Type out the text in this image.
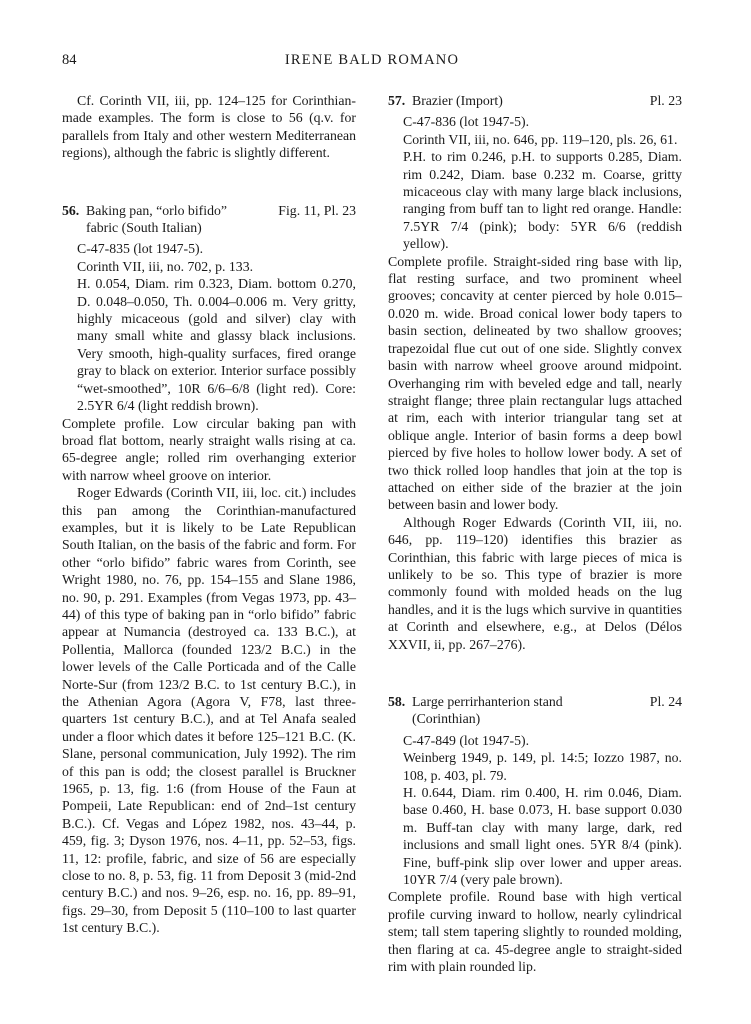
84	IRENE BALD ROMANO

Cf. Corinth VII, iii, pp. 124–125 for Corinthian-made examples. The form is close to 56 (q.v. for parallels from Italy and other western Mediterranean regions), although the fabric is slightly different.

56. Baking pan, “orlo bifido”
fabric (South Italian)
Fig. 11, Pl. 23

C-47-835 (lot 1947-5).

Corinth VII, iii, no. 702, p. 133.

H. 0.054, Diam. rim 0.323, Diam. bottom 0.270, D. 0.048–0.050, Th. 0.004–0.006 m. Very gritty, highly micaceous (gold and silver) clay with many small white and glassy black inclusions. Very smooth, high-quality surfaces, fired orange gray to black on exterior. Interior surface possibly “wet-smoothed”, 10R 6/6–6/8 (light red). Core: 2.5YR 6/4 (light reddish brown).

Complete profile. Low circular baking pan with broad flat bottom, nearly straight walls rising at ca. 65-degree angle; rolled rim overhanging exterior with narrow wheel groove on interior.

Roger Edwards (Corinth VII, iii, loc. cit.) includes this pan among the Corinthian-manufactured examples, but it is likely to be Late Republican South Italian, on the basis of the fabric and form. For other “orlo bifido” fabric wares from Corinth, see Wright 1980, no. 76, pp. 154–155 and Slane 1986, no. 90, p. 291. Examples (from Vegas 1973, pp. 43–44) of this type of baking pan in “orlo bifido” fabric appear at Numancia (destroyed ca. 133 B.C.), at Pollentia, Mallorca (founded 123/2 B.C.) in the lower levels of the Calle Porticada and of the Calle Norte-Sur (from 123/2 B.C. to 1st century B.C.), in the Athenian Agora (Agora V, F78, last three-quarters 1st century B.C.), and at Tel Anafa sealed under a floor which dates it before 125–121 B.C. (K. Slane, personal communication, July 1992). The rim of this pan is odd; the closest parallel is Bruckner 1965, p. 13, fig. 1:6 (from House of the Faun at Pompeii, Late Republican: end of 2nd–1st century B.C.). Cf. Vegas and López 1982, nos. 43–44, p. 459, fig. 3; Dyson 1976, nos. 4–11, pp. 52–53, figs. 11, 12: profile, fabric, and size of 56 are especially close to no. 8, p. 53, fig. 11 from Deposit 3 (mid-2nd century B.C.) and nos. 9–26, esp. no. 16, pp. 89–91, figs. 29–30, from Deposit 5 (110–100 to last quarter 1st century B.C.).

57. Brazier (Import)	Pl. 23

C-47-836 (lot 1947-5).

Corinth VII, iii, no. 646, pp. 119–120, pls. 26, 61.

P.H. to rim 0.246, p.H. to supports 0.285, Diam. rim 0.242, Diam. base 0.232 m. Coarse, gritty micaceous clay with many large black inclusions, ranging from buff tan to light red orange. Handle: 7.5YR 7/4 (pink); body: 5YR 6/6 (reddish yellow).

Complete profile. Straight-sided ring base with lip, flat resting surface, and two prominent wheel grooves; concavity at center pierced by hole 0.015–0.020 m. wide. Broad conical lower body tapers to basin section, delineated by two shallow grooves; trapezoidal flue cut out of one side. Slightly convex basin with narrow wheel groove around midpoint. Overhanging rim with beveled edge and tall, nearly straight flange; three plain rectangular lugs attached at rim, each with interior triangular tang set at oblique angle. Interior of basin forms a deep bowl pierced by five holes to hollow lower body. A set of two thick rolled loop handles that join at the top is attached on either side of the brazier at the join between basin and lower body.

Although Roger Edwards (Corinth VII, iii, no. 646, pp. 119–120) identifies this brazier as Corinthian, this fabric with large pieces of mica is unlikely to be so. This type of brazier is more commonly found with molded heads on the lug handles, and it is the lugs which survive in quantities at Corinth and elsewhere, e.g., at Delos (Délos XXVII, ii, pp. 267–276).

58. Large perrirhanterion stand
(Corinthian)
Pl. 24

C-47-849 (lot 1947-5).

Weinberg 1949, p. 149, pl. 14:5; Iozzo 1987, no. 108, p. 403, pl. 79.

H. 0.644, Diam. rim 0.400, H. rim 0.046, Diam. base 0.460, H. base 0.073, H. base support 0.030 m. Buff-tan clay with many large, dark, red inclusions and small light ones. 5YR 8/4 (pink). Fine, buff-pink slip over lower and upper areas. 10YR 7/4 (very pale brown).

Complete profile. Round base with high vertical profile curving inward to hollow, nearly cylindrical stem; tall stem tapering slightly to rounded molding, then flaring at ca. 45-degree angle to straight-sided rim with plain rounded lip.
